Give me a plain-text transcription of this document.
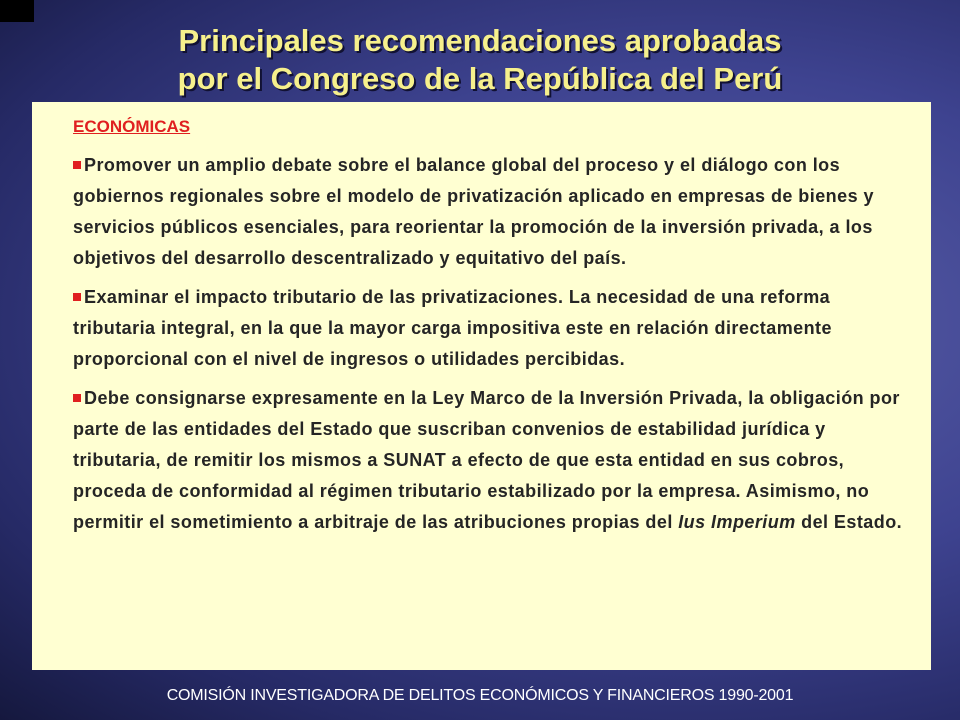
Principales recomendaciones aprobadas
por el Congreso de la República del Perú
ECONÓMICAS

Promover un amplio debate sobre el balance global del proceso y el diálogo con los gobiernos regionales sobre el modelo de privatización aplicado en empresas de bienes y servicios públicos esenciales, para reorientar la promoción de la inversión privada, a los objetivos del desarrollo descentralizado y equitativo del país.

Examinar el impacto tributario de las privatizaciones. La necesidad de una reforma tributaria integral, en la que la mayor carga impositiva este en relación directamente proporcional con el nivel de ingresos o utilidades percibidas.

Debe consignarse expresamente en la Ley Marco de la Inversión Privada, la obligación por parte de las entidades del Estado que suscriban convenios de estabilidad jurídica y tributaria, de remitir los mismos a SUNAT a efecto de que esta entidad en sus cobros, proceda de conformidad al régimen tributario estabilizado por la empresa. Asimismo, no permitir el sometimiento a arbitraje de las atribuciones propias del Ius Imperium del Estado.

COMISIÓN INVESTIGADORA DE DELITOS ECONÓMICOS Y FINANCIEROS 1990-2001
